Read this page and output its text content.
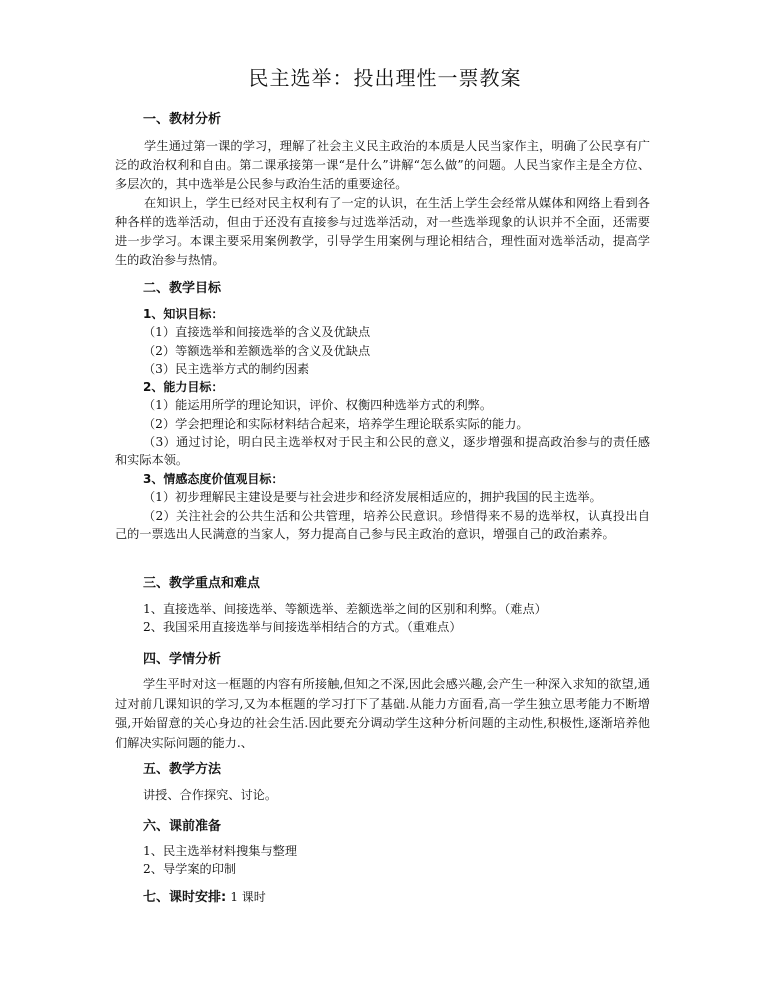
民主选举：投出理性一票教案
一、教材分析

学生通过第一课的学习，理解了社会主义民主政治的本质是人民当家作主，明确了公民享有广泛的政治权利和自由。第二课承接第一课“是什么”讲解“怎么做”的问题。人民当家作主是全方位、多层次的，其中选举是公民参与政治生活的重要途径。

在知识上，学生已经对民主权利有了一定的认识，在生活上学生会经常从媒体和网络上看到各种各样的选举活动，但由于还没有直接参与过选举活动，对一些选举现象的认识并不全面，还需要进一步学习。本课主要采用案例教学，引导学生用案例与理论相结合，理性面对选举活动，提高学生的政治参与热情。

二、教学目标
1、知识目标：
（1）直接选举和间接选举的含义及优缺点
（2）等额选举和差额选举的含义及优缺点
（3）民主选举方式的制约因素
2、能力目标：
（1）能运用所学的理论知识，评价、权衡四种选举方式的利弊。
（2）学会把理论和实际材料结合起来，培养学生理论联系实际的能力。

（3）通过讨论，明白民主选举权对于民主和公民的意义，逐步增强和提高政治参与的责任感和实际本领。

3、情感态度价值观目标：
（1）初步理解民主建设是要与社会进步和经济发展相适应的，拥护我国的民主选举。

（2）关注社会的公共生活和公共管理，培养公民意识。珍惜得来不易的选举权，认真投出自己的一票选出人民满意的当家人，努力提高自己参与民主政治的意识，增强自己的政治素养。

三、教学重点和难点
1、直接选举、间接选举、等额选举、差额选举之间的区别和利弊。（难点）
2、我国采用直接选举与间接选举相结合的方式。（重难点）
四、学情分析

学生平时对这一框题的内容有所接触,但知之不深,因此会感兴趣,会产生一种深入求知的欲望,通过对前几课知识的学习,又为本框题的学习打下了基础.从能力方面看,高一学生独立思考能力不断增强,开始留意的关心身边的社会生活.因此要充分调动学生这种分析问题的主动性,积极性,逐渐培养他们解决实际问题的能力.、

五、教学方法
讲授、合作探究、讨论。
六、课前准备
1、民主选举材料搜集与整理
2、导学案的印制
七、课时安排: 1 课时
